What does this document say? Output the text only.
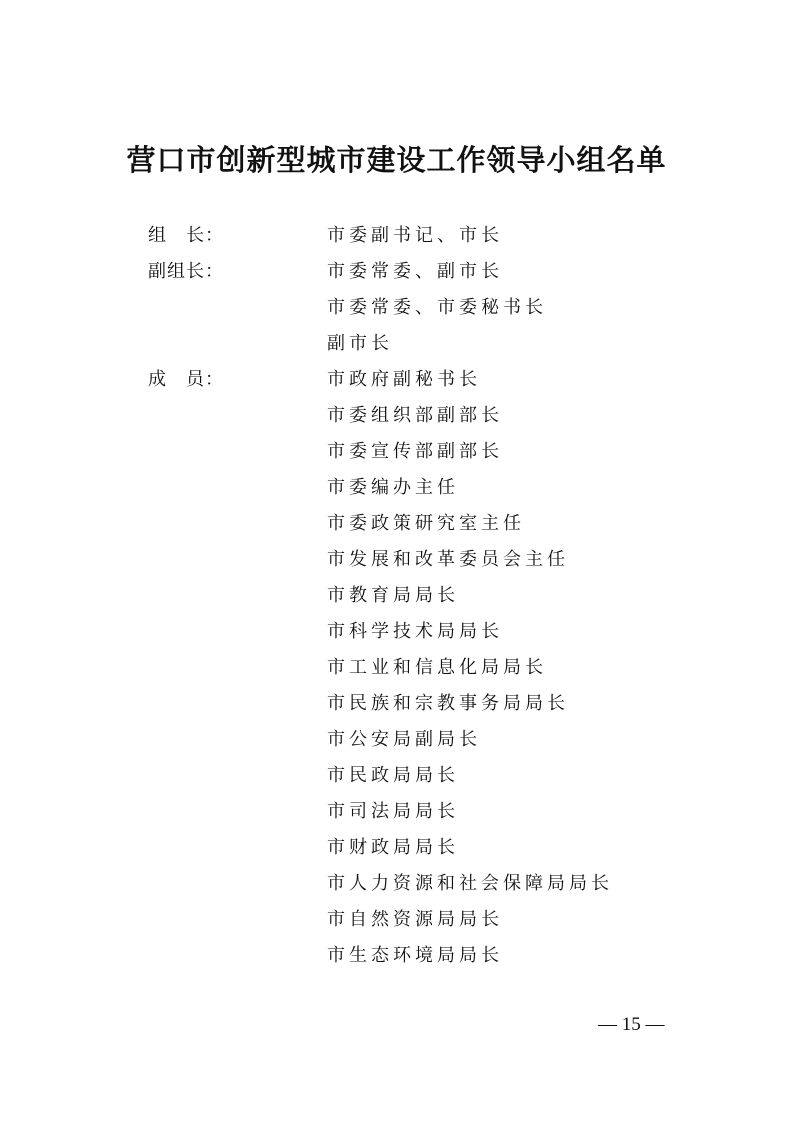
营口市创新型城市建设工作领导小组名单
组　长：	市委副书记、市长
副组长：	市委常委、副市长
市委常委、市委秘书长
副市长
成　员：	市政府副秘书长
市委组织部副部长
市委宣传部副部长
市委编办主任
市委政策研究室主任
市发展和改革委员会主任
市教育局局长
市科学技术局局长
市工业和信息化局局长
市民族和宗教事务局局长
市公安局副局长
市民政局局长
市司法局局长
市财政局局长
市人力资源和社会保障局局长
市自然资源局局长
市生态环境局局长
— 15 —
